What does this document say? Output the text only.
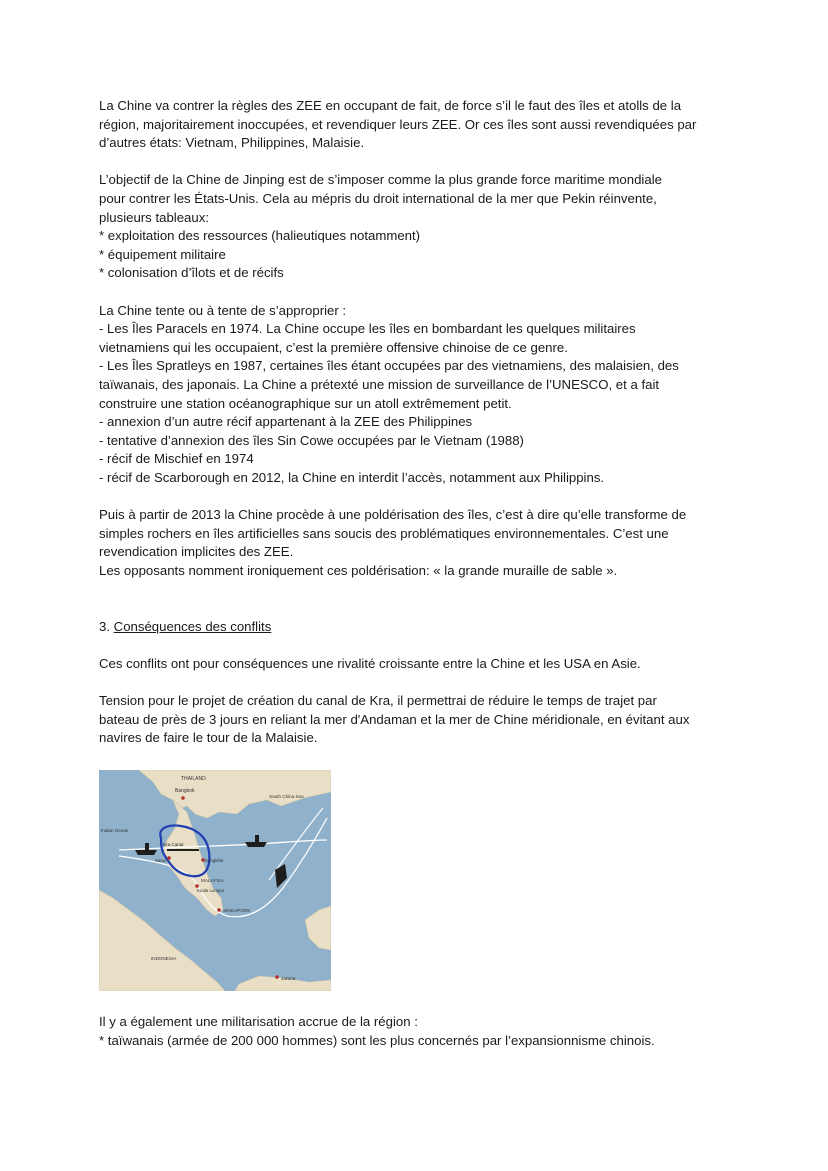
La Chine va contrer la règles des ZEE en occupant de fait, de force s’il le faut des îles et atolls de la
région, majoritairement inoccupées, et revendiquer leurs ZEE. Or ces îles sont aussi revendiquées par
d’autres états: Vietnam, Philippines, Malaisie.
L’objectif de la Chine de Jinping est de s’imposer comme la plus grande force maritime mondiale
pour contrer les États-Unis. Cela au mépris du droit international de la mer que Pekin réinvente,
plusieurs tableaux:
* exploitation des ressources (halieutiques notamment)
* équipement militaire
* colonisation d’îlots et de récifs
La Chine tente ou à tente de s’approprier :
- Les Îles Paracels en 1974. La Chine occupe les îles en bombardant les quelques militaires
vietnamiens qui les occupaient, c’est la première offensive chinoise de ce genre.
- Les Îles Spratleys en 1987, certaines îles étant occupées par des vietnamiens, des malaisien, des
taïwanais, des japonais. La Chine a prétexté une mission de surveillance de l’UNESCO, et a fait
construire une station océanographique sur un atoll extrêmement petit.
- annexion d’un autre récif appartenant à la ZEE des Philippines
- tentative d’annexion des îles Sin Cowe occupées par le Vietnam (1988)
- récif de Mischief en 1974
- récif de Scarborough en 2012, la Chine en interdit l’accès, notamment aux Philippins.
Puis à partir de 2013 la Chine procède à une poldérisation des îles, c’est à dire qu’elle transforme de
simples rochers en îles artificielles sans soucis des problématiques environnementales. C’est une
revendication implicites des ZEE.
Les opposants nomment ironiquement ces poldérisation: « la grande muraille de sable ».
3. Conséquences des conflits
Ces conflits ont pour conséquences une rivalité croissante entre la Chine et les USA en Asie.
Tension pour le projet de création du canal de Kra, il permettrai de réduire le temps de trajet par
bateau de près de 3 jours en reliant la mer d'Andaman et la mer de Chine méridionale, en évitant aux
navires de faire le tour de la Malaisie.
THAILAND
Bangkok
South China Sea
Indian Ocean
Kra Canal
Satun	Songkhla
MALAYSIA
Kuala Lumpur
SINGAPORE
INDONESIA
Jakarta
Il y a également une militarisation accrue de la région :
* taïwanais (armée de 200 000 hommes) sont les plus concernés par l’expansionnisme chinois.
